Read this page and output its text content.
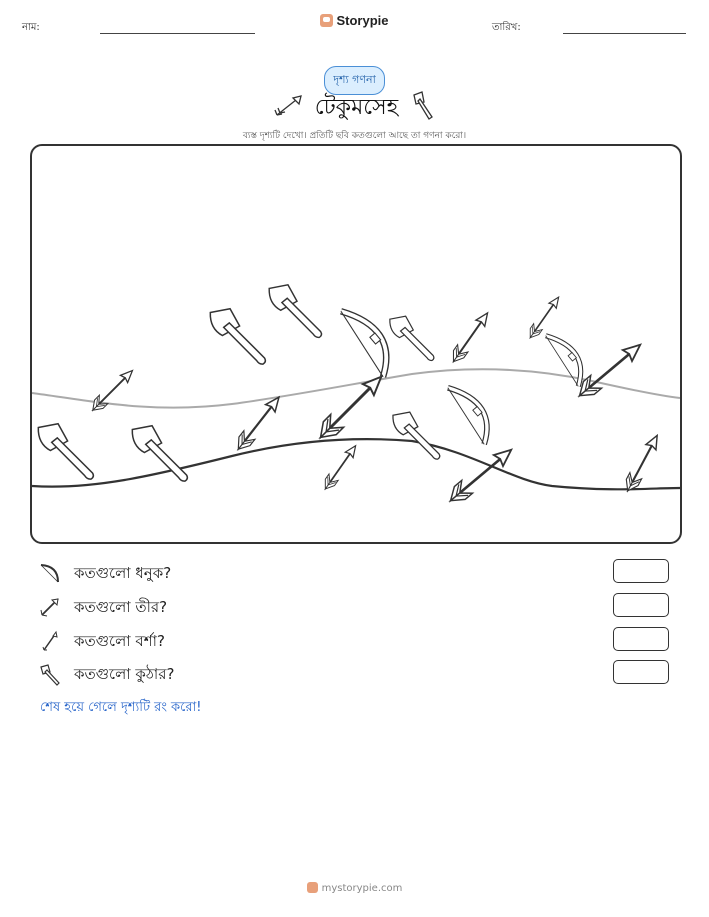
নাম:	Storypie	তারিখ:
দৃশ্য গণনা
টেকুমসেহ
ব্যস্ত দৃশ্যটি দেখো। প্রতিটি ছবি কতগুলো আছে তা গণনা করো।
কতগুলো ধনুক?
কতগুলো তীর?
কতগুলো বর্শা?
কতগুলো কুঠার?
শেষ হয়ে গেলে দৃশ্যটি রং করো!
mystorypie.com
